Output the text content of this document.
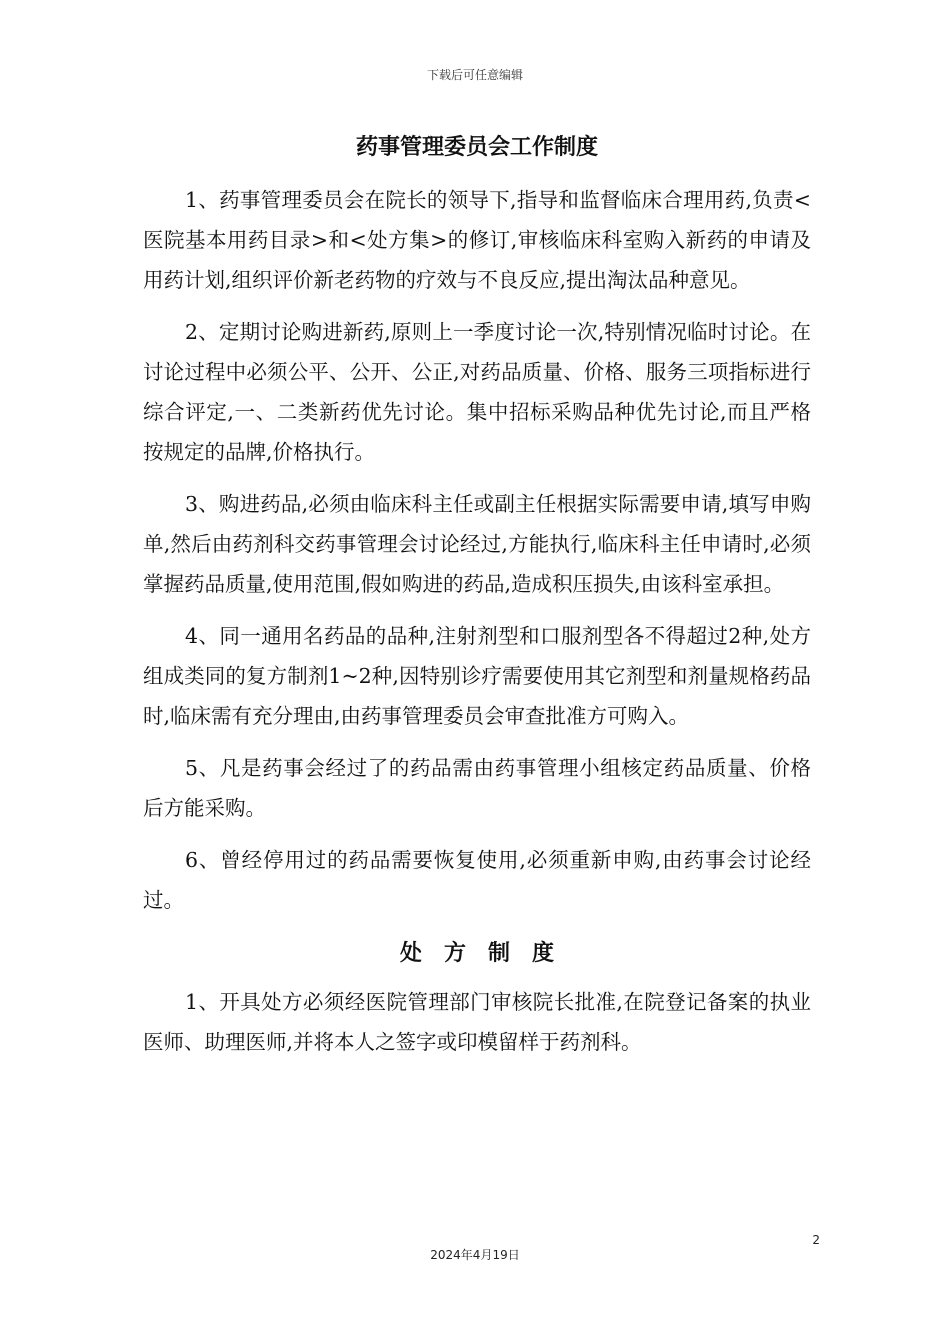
下载后可任意编辑
药事管理委员会工作制度

1、药事管理委员会在院长的领导下,指导和监督临床合理用药,负责<医院基本用药目录>和<处方集>的修订,审核临床科室购入新药的申请及用药计划,组织评价新老药物的疗效与不良反应,提出淘汰品种意见。

2、定期讨论购进新药,原则上一季度讨论一次,特别情况临时讨论。在讨论过程中必须公平、公开、公正,对药品质量、价格、服务三项指标进行综合评定,一、二类新药优先讨论。集中招标采购品种优先讨论,而且严格按规定的品牌,价格执行。

3、购进药品,必须由临床科主任或副主任根据实际需要申请,填写申购单,然后由药剂科交药事管理会讨论经过,方能执行,临床科主任申请时,必须掌握药品质量,使用范围,假如购进的药品,造成积压损失,由该科室承担。

4、同一通用名药品的品种,注射剂型和口服剂型各不得超过2种,处方组成类同的复方制剂1~2种,因特别诊疗需要使用其它剂型和剂量规格药品时,临床需有充分理由,由药事管理委员会审查批准方可购入。

5、凡是药事会经过了的药品需由药事管理小组核定药品质量、价格后方能采购。

6、曾经停用过的药品需要恢复使用,必须重新申购,由药事会讨论经过。

处方制度

1、开具处方必须经医院管理部门审核院长批准,在院登记备案的执业医师、助理医师,并将本人之签字或印模留样于药剂科。

2
2024年4月19日
